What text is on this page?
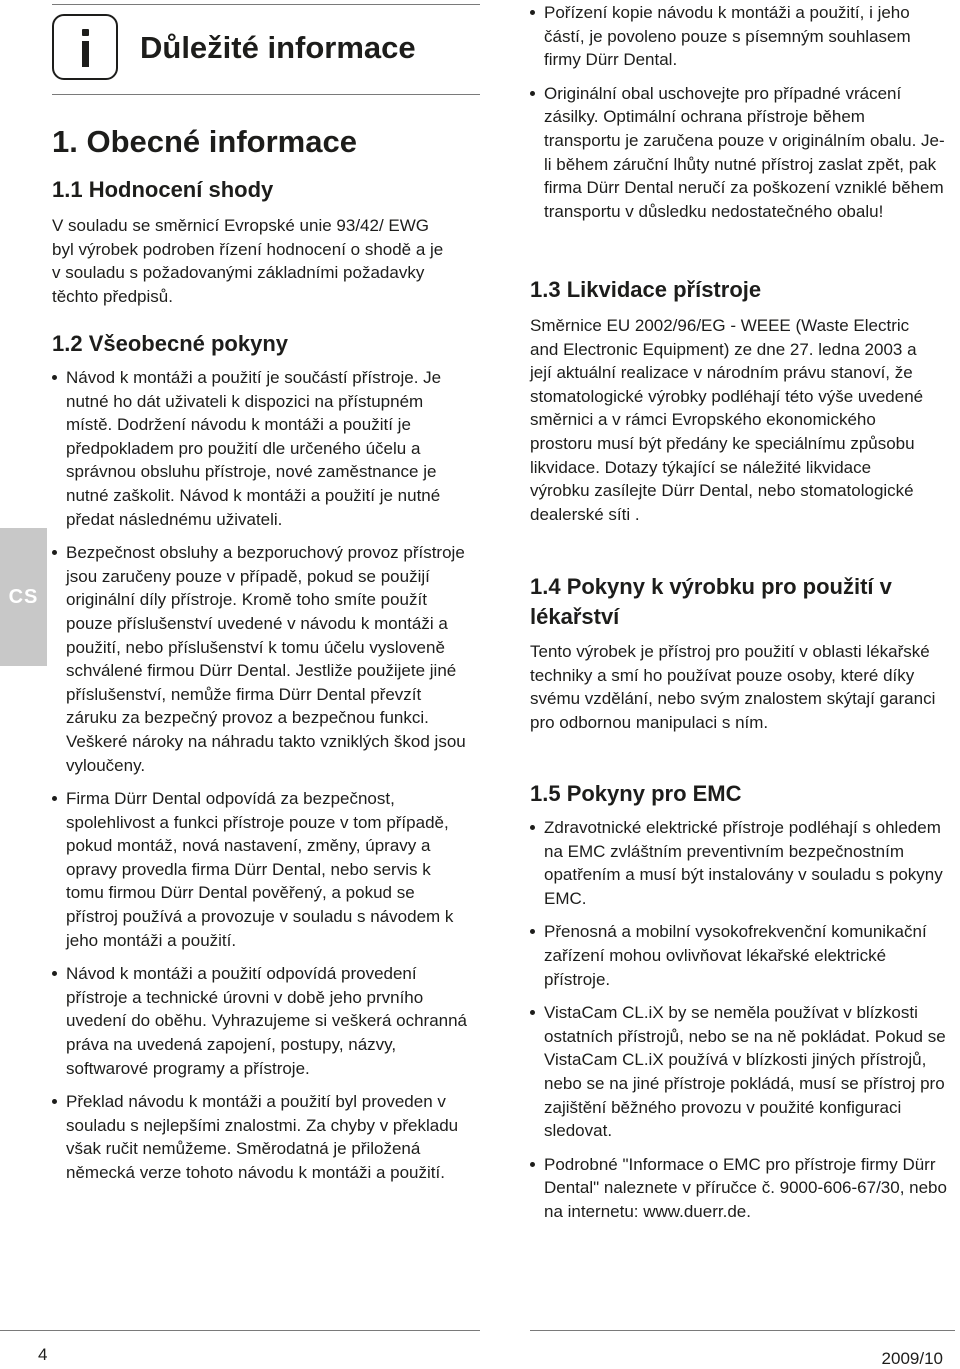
CS
Důležité informace
1. Obecné informace
1.1 Hodnocení shody

V souladu se směrnicí Evropské unie 93/42/ EWG byl výrobek podroben řízení hodnocení o shodě a je v souladu s požadovanými základními požadavky těchto předpisů.

1.2 Všeobecné pokyny
Návod k montáži a použití je součástí přístroje. Je nutné ho dát uživateli k dispozici na přístupném místě. Dodržení návodu k montáži a použití je předpokladem pro použití dle určeného účelu a správnou obsluhu přístroje, nové zaměstnance je nutné zaškolit. Návod k montáži a použití je nutné předat následnému uživateli.
Bezpečnost obsluhy a bezporuchový provoz přístroje jsou zaručeny pouze v případě, pokud se použijí originální díly přístroje. Kromě toho smíte použít pouze příslušenství uvedené v návodu k montáži a použití, nebo příslušenství k tomu účelu vysloveně schválené firmou Dürr Dental. Jestliže použijete jiné příslušenství, nemůže firma Dürr Dental převzít záruku za bezpečný provoz a bezpečnou funkci. Veškeré nároky na náhradu takto vzniklých škod jsou vyloučeny.
Firma Dürr Dental odpovídá za bezpečnost, spolehlivost a funkci přístroje pouze v tom případě, pokud montáž, nová nastavení, změny, úpravy a opravy provedla firma Dürr Dental, nebo servis k tomu firmou Dürr Dental pověřený, a pokud se přístroj používá a provozuje v souladu s návodem k jeho montáži a použití.
Návod k montáži a použití odpovídá provedení přístroje a technické úrovni v době jeho prvního uvedení do oběhu. Vyhrazujeme si veškerá ochranná práva na uvedená zapojení, postupy, názvy, softwarové programy a přístroje.
Překlad návodu k montáži a použití byl proveden v souladu s nejlepšími znalostmi. Za chyby v překladu však ručit nemůžeme. Směrodatná je přiložená německá verze tohoto návodu k montáži a použití.
4
Pořízení kopie návodu k montáži a použití, i jeho částí, je povoleno pouze s písemným souhlasem firmy Dürr Dental.
Originální obal uschovejte pro případné vrácení zásilky. Optimální ochrana přístroje během transportu je zaručena pouze v originálním obalu. Je-li během záruční lhůty nutné přístroj zaslat zpět, pak firma Dürr Dental neručí za poškození vzniklé během transportu v důsledku nedostatečného obalu!
1.3 Likvidace přístroje

Směrnice EU 2002/96/EG - WEEE (Waste Electric and Electronic Equipment) ze dne 27. ledna 2003 a její aktuální realizace v národním právu stanoví, že stomatologické výrobky podléhají této výše uvedené směrnici a v rámci Evropského ekonomického prostoru musí být předány ke speciálnímu způsobu likvidace. Dotazy týkající se náležité likvidace výrobku zasílejte Dürr Dental, nebo stomatologické dealerské síti .

1.4 Pokyny k výrobku pro použití v lékařství

Tento výrobek je přístroj pro použití v oblasti lékařské techniky a smí ho používat pouze osoby, které díky svému vzdělání, nebo svým znalostem skýtají garanci pro odbornou manipulaci s ním.

1.5 Pokyny pro EMC
Zdravotnické elektrické přístroje podléhají s ohledem na EMC zvláštním preventivním bezpečnostním opatřením a musí být instalovány v souladu s pokyny EMC.
Přenosná a mobilní vysokofrekvenční komunikační zařízení mohou ovlivňovat lékařské elektrické přístroje.
VistaCam CL.iX by se neměla používat v blízkosti ostatních přístrojů, nebo se na ně pokládat. Pokud se VistaCam CL.iX používá v blízkosti jiných přístrojů, nebo se na jiné přístroje pokládá, musí se přístroj pro zajištění běžného provozu v použité konfiguraci sledovat.
Podrobné "Informace o EMC pro přístroje firmy Dürr Dental" naleznete v příručce č. 9000-606-67/30, nebo na internetu: www.duerr.de.
2009/10
